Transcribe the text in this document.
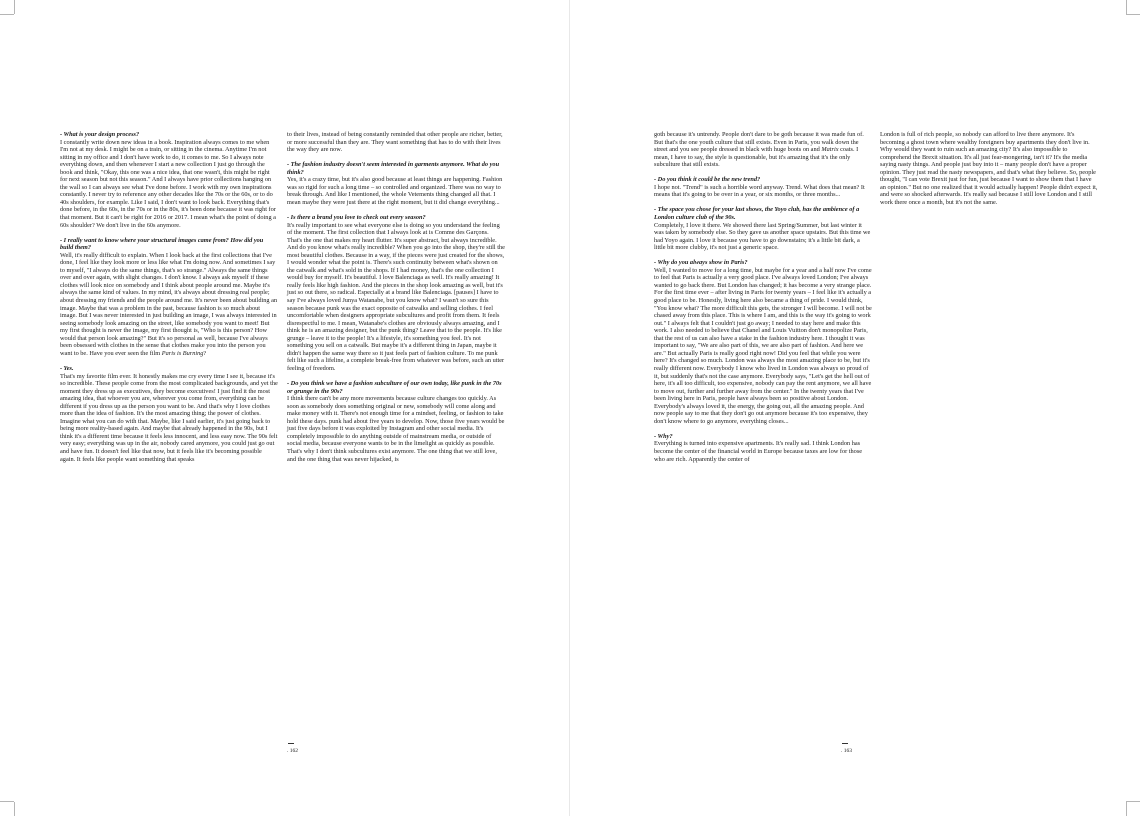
- What is your design process?

I constantly write down new ideas in a book. Inspiration always comes to me when I'm not at my desk. I might be on a train, or sitting in the cinema. Anytime I'm not sitting in my office and I don't have work to do, it comes to me. So I always note everything down, and then whenever I start a new collection I just go through the book and think, "Okay, this one was a nice idea, that one wasn't, this might be right for next season but not this season." And I always have prior collections hanging on the wall so I can always see what I've done before. I work with my own inspirations constantly. I never try to reference any other decades like the 70s or the 60s, or to do 40s shoulders, for example. Like I said, I don't want to look back. Everything that's done before, in the 60s, in the 70s or in the 80s, it's been done because it was right for that moment. But it can't be right for 2016 or 2017. I mean what's the point of doing a 60s shoulder? We don't live in the 60s anymore.

- I really want to know where your structural images came from? How did you build them?

Well, it's really difficult to explain. When I look back at the first collections that I've done, I feel like they look more or less like what I'm doing now. And sometimes I say to myself, "I always do the same things, that's so strange." Always the same things over and over again, with slight changes. I don't know. I always ask myself if these clothes will look nice on somebody and I think about people around me. Maybe it's always the same kind of values. In my mind, it's always about dressing real people; about dressing my friends and the people around me. It's never been about building an image. Maybe that was a problem in the past, because fashion is so much about image. But I was never interested in just building an image, I was always interested in seeing somebody look amazing on the street, like somebody you want to meet! But my first thought is never the image, my first thought is, "Who is this person? How would that person look amazing?" But it's so personal as well, because I've always been obsessed with clothes in the sense that clothes make you into the person you want to be. Have you ever seen the film Paris is Burning?

- Yes.

That's my favorite film ever. It honestly makes me cry every time I see it, because it's so incredible. These people come from the most complicated backgrounds, and yet the moment they dress up as executives, they become executives! I just find it the most amazing idea, that whoever you are, wherever you come from, everything can be different if you dress up as the person you want to be. And that's why I love clothes more than the idea of fashion. It's the most amazing thing; the power of clothes. Imagine what you can do with that. Maybe, like I said earlier, it's just going back to being more reality-based again. And maybe that already happened in the 90s, but I think it's a different time because it feels less innocent, and less easy now. The 90s felt very easy; everything was up in the air, nobody cared anymore, you could just go out and have fun. It doesn't feel like that now, but it feels like it's becoming possible again. It feels like people want something that speaks

to their lives, instead of being constantly reminded that other people are richer, better, or more successful than they are. They want something that has to do with their lives the way they are now.

- The fashion industry doesn't seem interested in garments anymore. What do you think?

Yes, it's a crazy time, but it's also good because at least things are happening. Fashion was so rigid for such a long time – so controlled and organized. There was no way to break through. And like I mentioned, the whole Vetements thing changed all that. I mean maybe they were just there at the right moment, but it did change everything...

- Is there a brand you love to check out every season?

It's really important to see what everyone else is doing so you understand the feeling of the moment. The first collection that I always look at is Comme des Garçons. That's the one that makes my heart flutter. It's super abstract, but always incredible. And do you know what's really incredible? When you go into the shop, they're still the most beautiful clothes. Because in a way, if the pieces were just created for the shows, I would wonder what the point is. There's such continuity between what's shown on the catwalk and what's sold in the shops. If I had money, that's the one collection I would buy for myself. It's beautiful. I love Balenciaga as well. It's really amazing! It really feels like high fashion. And the pieces in the shop look amazing as well, but it's just so out there, so radical. Especially at a brand like Balenciaga. [pauses] I have to say I've always loved Junya Watanabe, but you know what? I wasn't so sure this season because punk was the exact opposite of catwalks and selling clothes. I feel uncomfortable when designers appropriate subcultures and profit from them. It feels disrespectful to me. I mean, Watanabe's clothes are obviously always amazing, and I think he is an amazing designer, but the punk thing? Leave that to the people. It's like grunge – leave it to the people! It's a lifestyle, it's something you feel. It's not something you sell on a catwalk. But maybe it's a different thing in Japan, maybe it didn't happen the same way there so it just feels part of fashion culture. To me punk felt like such a lifeline, a complete break-free from whatever was before, such an utter feeling of freedom.

- Do you think we have a fashion subculture of our own today, like punk in the 70s or grunge in the 90s?

I think there can't be any more movements because culture changes too quickly. As soon as somebody does something original or new, somebody will come along and make money with it. There's not enough time for a mindset, feeling, or fashion to take hold these days. punk had about five years to develop. Now, those five years would be just five days before it was exploited by Instagram and other social media. It's completely impossible to do anything outside of mainstream media, or outside of social media, because everyone wants to be in the limelight as quickly as possible. That's why I don't think subcultures exist anymore. The one thing that we still love, and the one thing that was never hijacked, is

. 162

goth because it's untrendy. People don't dare to be goth because it was made fun of. But that's the one youth culture that still exists. Even in Paris, you walk down the street and you see people dressed in black with huge boots on and Matrix coats. I mean, I have to say, the style is questionable, but it's amazing that it's the only subculture that still exists.

- Do you think it could be the new trend?

I hope not. "Trend" is such a horrible word anyway. Trend. What does that mean? It means that it's going to be over in a year, or six months, or three months...

- The space you chose for your last shows, the Yoyo club, has the ambience of a London culture club of the 90s.

Completely, I love it there. We showed there last Spring/Summer, but last winter it was taken by somebody else. So they gave us another space upstairs. But this time we had Yoyo again. I love it because you have to go downstairs; it's a little bit dark, a little bit more clubby, it's not just a generic space.

- Why do you always show in Paris?

Well, I wanted to move for a long time, but maybe for a year and a half now I've come to feel that Paris is actually a very good place. I've always loved London; I've always wanted to go back there. But London has changed; it has become a very strange place. For the first time ever – after living in Paris for twenty years – I feel like it's actually a good place to be. Honestly, living here also became a thing of pride. I would think, "You know what? The more difficult this gets, the stronger I will become. I will not be chased away from this place. This is where I am, and this is the way it's going to work out." I always felt that I couldn't just go away; I needed to stay here and make this work. I also needed to believe that Chanel and Louis Vuitton don't monopolize Paris, that the rest of us can also have a stake in the fashion industry here. I thought it was important to say, "We are also part of this, we are also part of fashion. And here we are." But actually Paris is really good right now! Did you feel that while you were here? It's changed so much. London was always the most amazing place to be, but it's really different now. Everybody I know who lived in London was always so proud of it, but suddenly that's not the case anymore. Everybody says, "Let's get the hell out of here, it's all too difficult, too expensive, nobody can pay the rent anymore, we all have to move out, further and further away from the center." In the twenty years that I've been living here in Paris, people have always been so positive about London. Everybody's always loved it, the energy, the going out, all the amazing people. And now people say to me that they don't go out anymore because it's too expensive, they don't know where to go anymore, everything closes...

- Why?

Everything is turned into expensive apartments. It's really sad. I think London has become the center of the financial world in Europe because taxes are low for those who are rich. Apparently the center of

London is full of rich people, so nobody can afford to live there anymore. It's becoming a ghost town where wealthy foreigners buy apartments they don't live in. Why would they want to ruin such an amazing city? It's also impossible to comprehend the Brexit situation. It's all just fear-mongering, isn't it? It's the media saying nasty things. And people just buy into it – many people don't have a proper opinion. They just read the nasty newspapers, and that's what they believe. So, people thought, "I can vote Brexit just for fun, just because I want to show them that I have an opinion." But no one realized that it would actually happen! People didn't expect it, and were so shocked afterwards. It's really sad because I still love London and I still work there once a month, but it's not the same.

. 163
